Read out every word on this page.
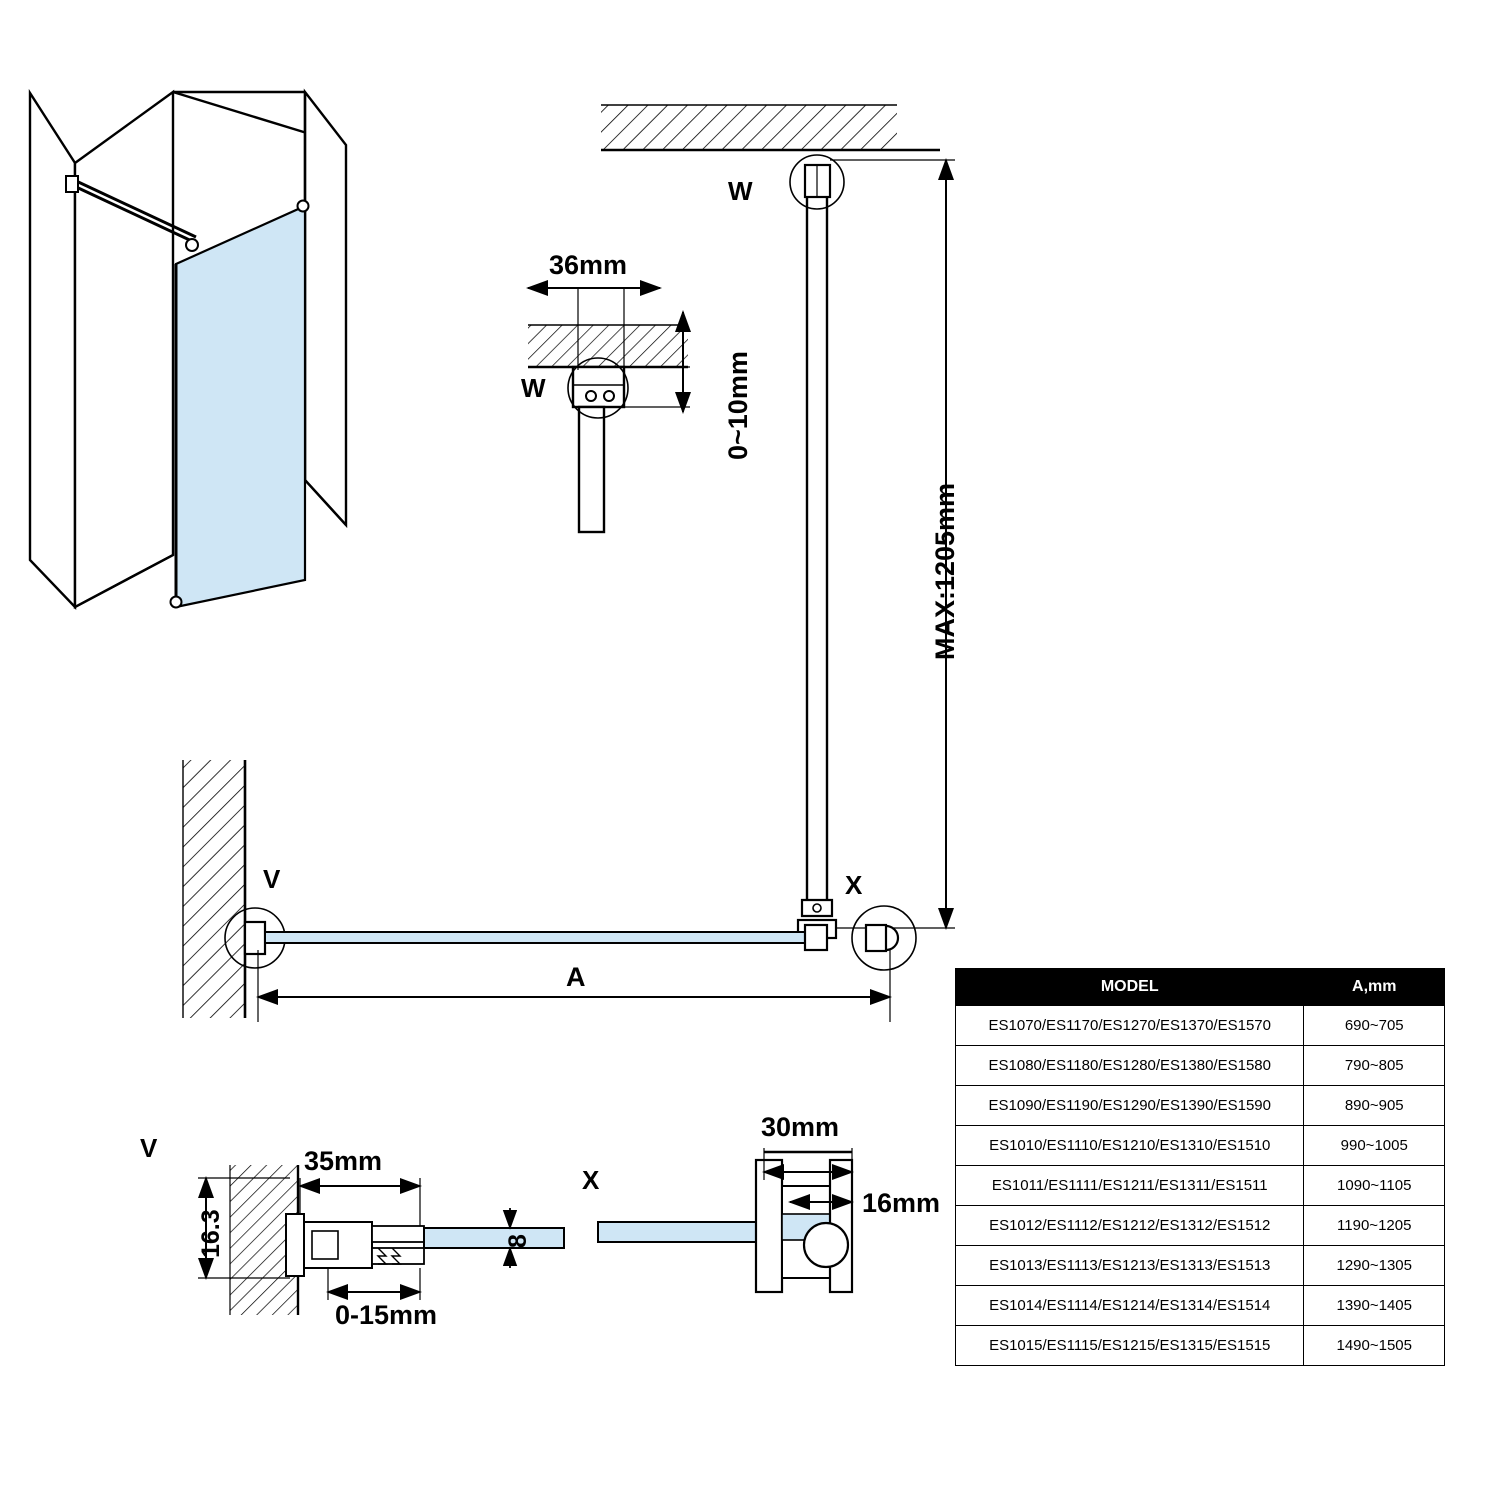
W
W
36mm
0~10mm
MAX:1205mm
V	X
A
V
16.3
35mm
0-15mm
8
X
30mm
16mm
MODEL	A,mm
ES1070/ES1170/ES1270/ES1370/ES1570	690~705
ES1080/ES1180/ES1280/ES1380/ES1580	790~805
ES1090/ES1190/ES1290/ES1390/ES1590	890~905
ES1010/ES1110/ES1210/ES1310/ES1510	990~1005
ES1011/ES1111/ES1211/ES1311/ES1511	1090~1105
ES1012/ES1112/ES1212/ES1312/ES1512	1190~1205
ES1013/ES1113/ES1213/ES1313/ES1513	1290~1305
ES1014/ES1114/ES1214/ES1314/ES1514	1390~1405
ES1015/ES1115/ES1215/ES1315/ES1515	1490~1505
